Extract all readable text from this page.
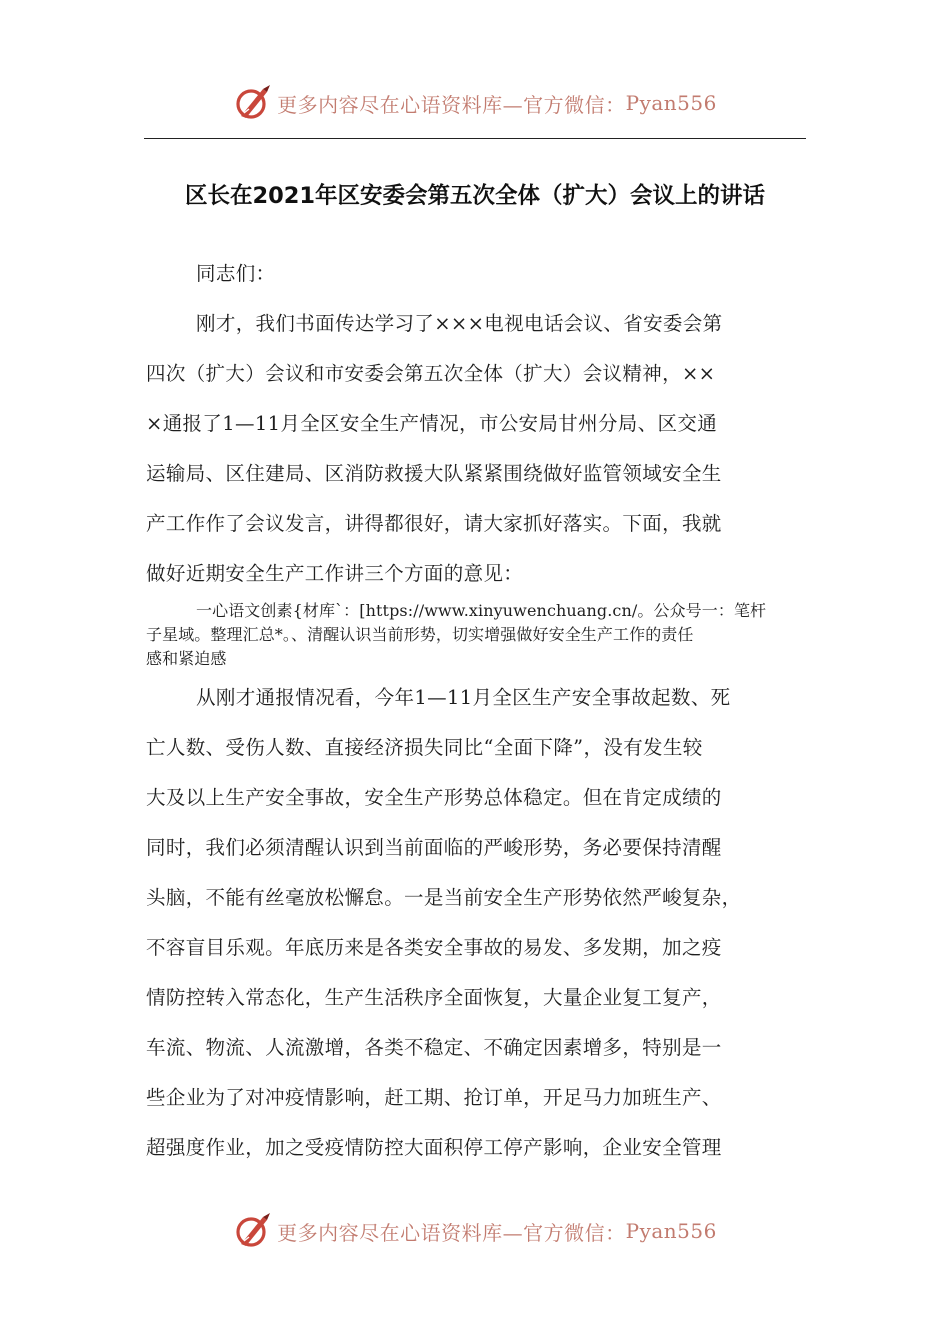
更多内容尽在心语资料库—官方微信： Pyan556
区长在2021年区安委会第五次全体（扩大）会议上的讲话
同志们：
刚才，我们书面传达学习了×××电视电话会议、省安委会第
四次（扩大）会议和市安委会第五次全体（扩大）会议精神，××
×通报了1—11月全区安全生产情况，市公安局甘州分局、区交通
运输局、区住建局、区消防救援大队紧紧围绕做好监管领域安全生
产工作作了会议发言，讲得都很好，请大家抓好落实。下面，我就
做好近期安全生产工作讲三个方面的意见：
一心语文创素{材库`：[https://www.xinyuwenchuang.cn/。公众号一：笔杆
子星域。整理汇总*。、清醒认识当前形势，切实增强做好安全生产工作的责任
感和紧迫感
从刚才通报情况看，今年1—11月全区生产安全事故起数、死
亡人数、受伤人数、直接经济损失同比“全面下降”，没有发生较
大及以上生产安全事故，安全生产形势总体稳定。但在肯定成绩的
同时，我们必须清醒认识到当前面临的严峻形势，务必要保持清醒
头脑，不能有丝毫放松懈怠。一是当前安全生产形势依然严峻复杂，
不容盲目乐观。年底历来是各类安全事故的易发、多发期，加之疫
情防控转入常态化，生产生活秩序全面恢复，大量企业复工复产，
车流、物流、人流激增，各类不稳定、不确定因素增多，特别是一
些企业为了对冲疫情影响，赶工期、抢订单，开足马力加班生产、
超强度作业，加之受疫情防控大面积停工停产影响，企业安全管理
更多内容尽在心语资料库—官方微信： Pyan556
